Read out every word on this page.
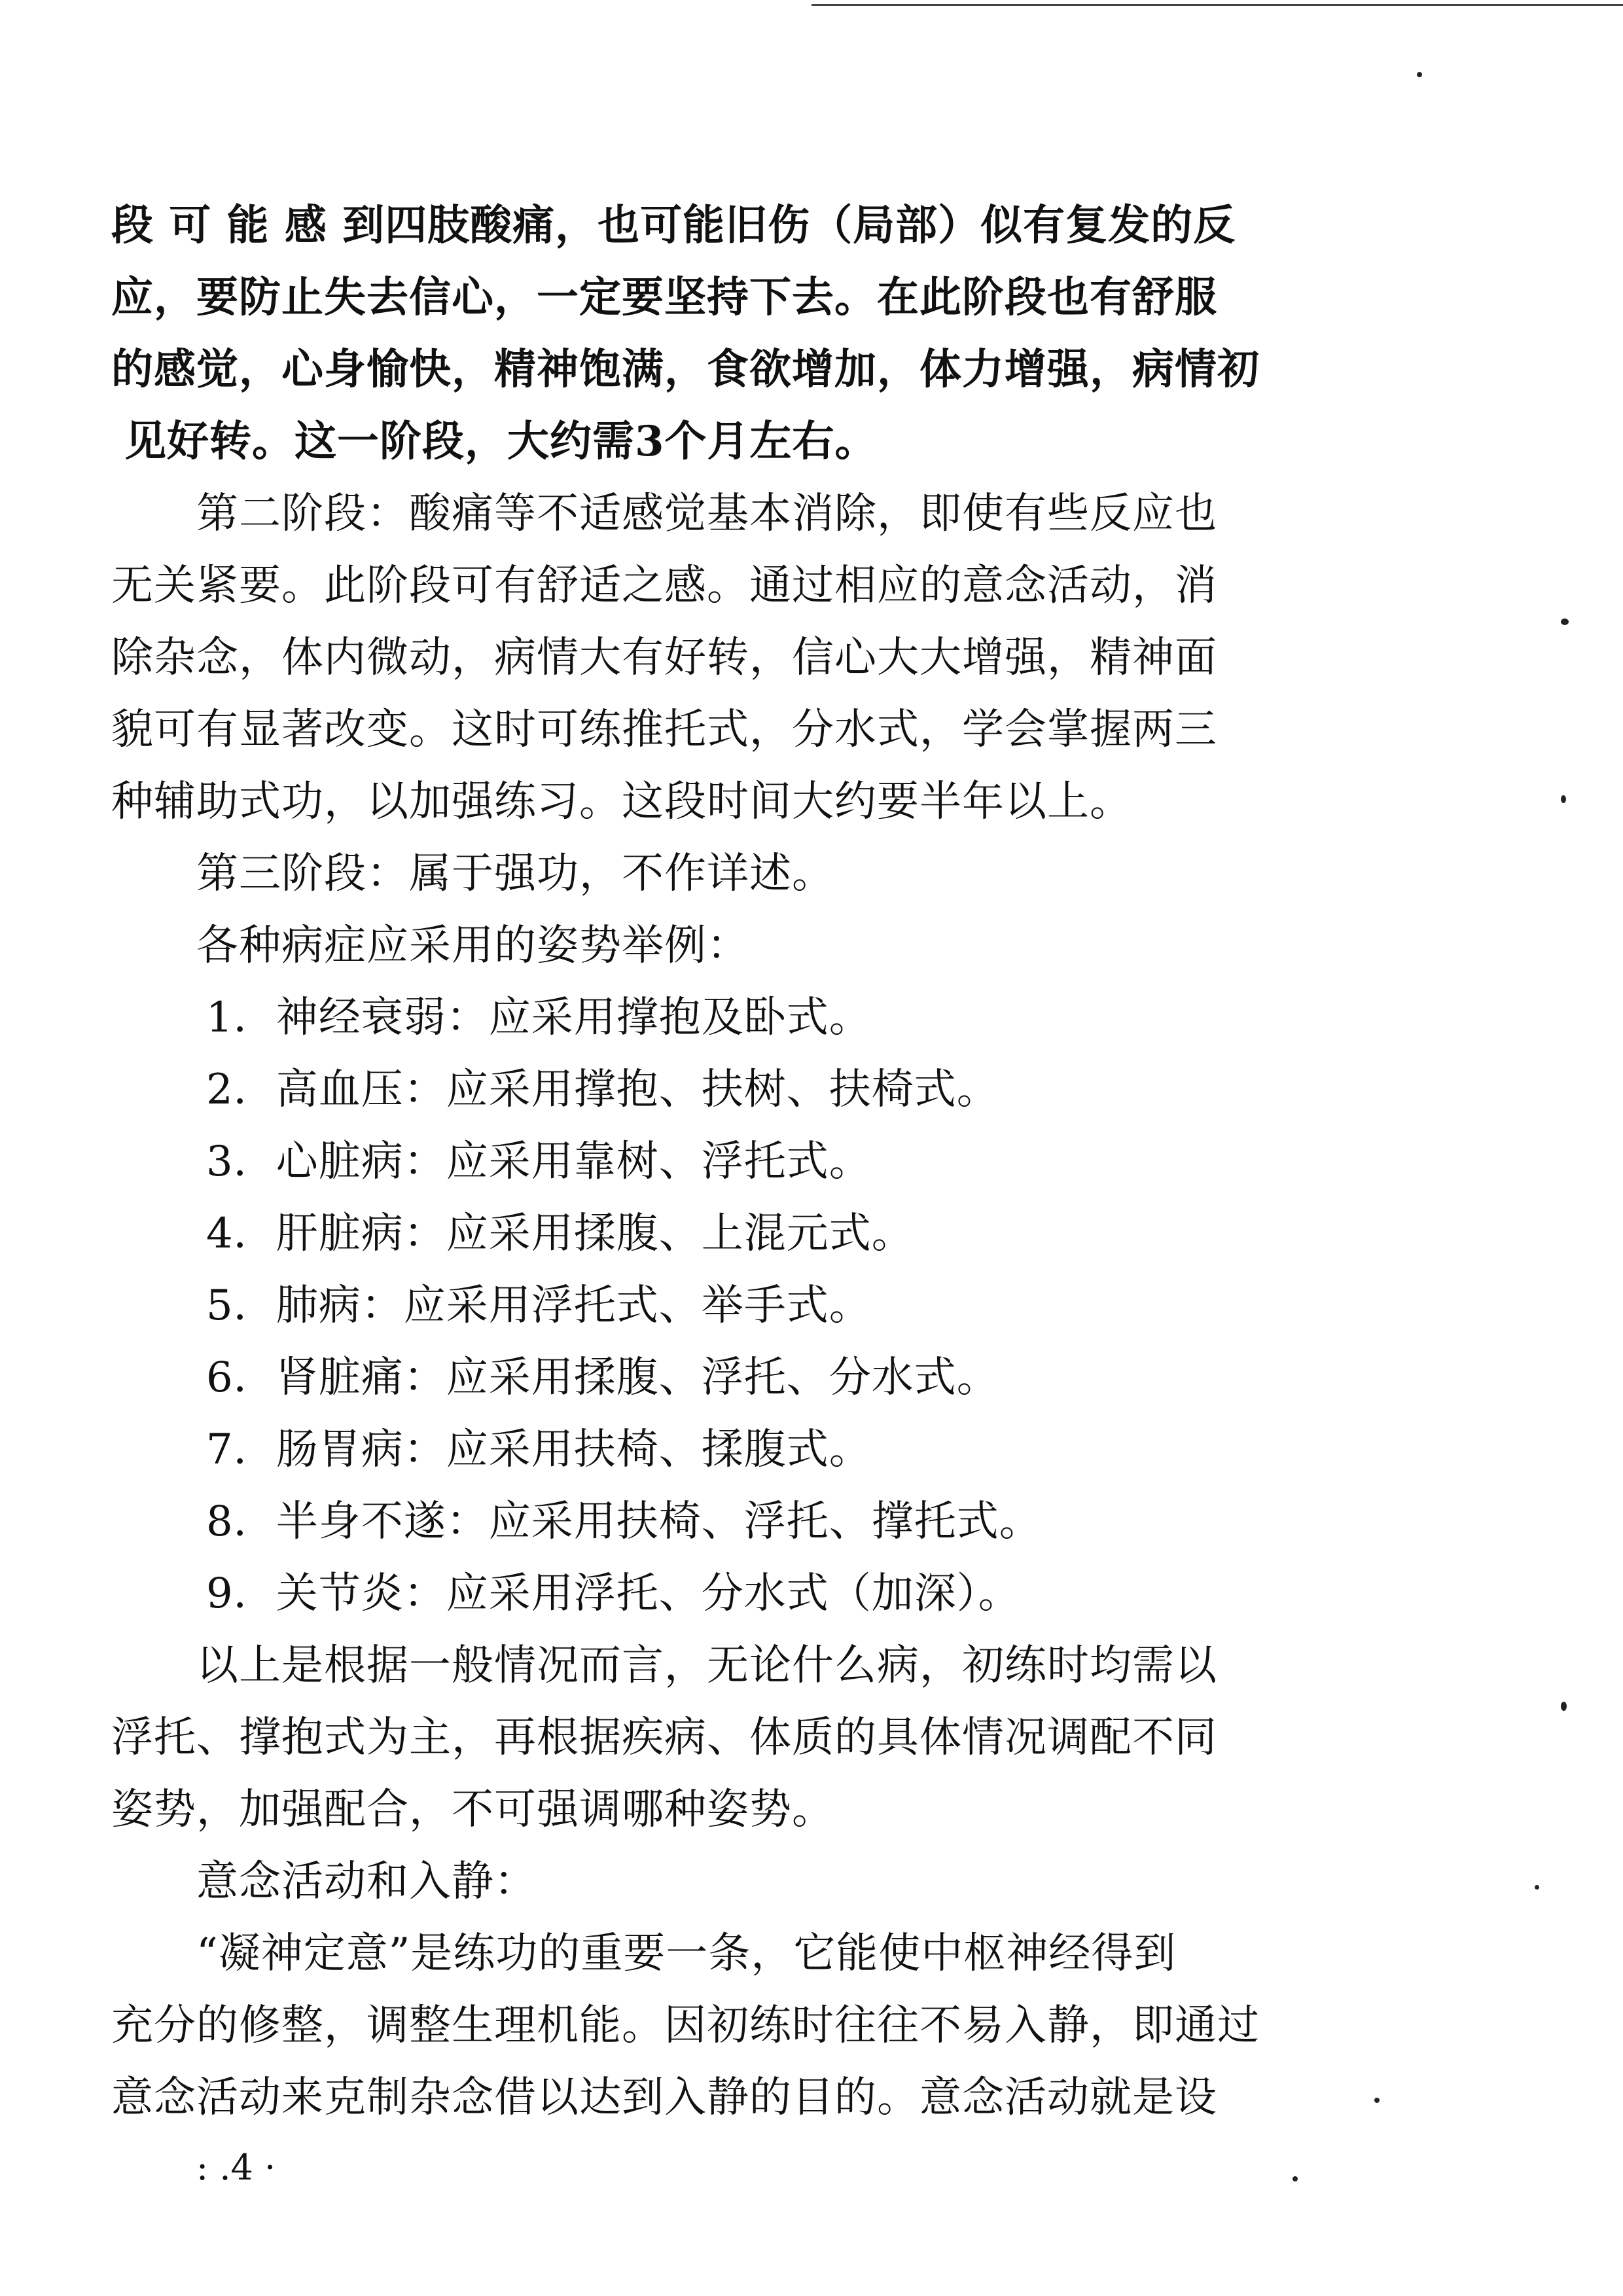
段 可 能 感 到四肢酸痛，也可能旧伤（局部）似有复发的反
应，要防止失去信心，一定要坚持下去。在此阶段也有舒服
的感觉，心身愉快，精神饱满，食欲增加，体力增强，病情初
见好转。这一阶段，大约需3个月左右。
第二阶段：酸痛等不适感觉基本消除，即使有些反应也
无关紧要。此阶段可有舒适之感。通过相应的意念活动，消
除杂念，体内微动，病情大有好转，信心大大增强，精神面
貌可有显著改变。这时可练推托式，分水式，学会掌握两三
种辅助式功，以加强练习。这段时间大约要半年以上。
第三阶段：属于强功，不作详述。
各种病症应采用的姿势举例：
1．神经衰弱：应采用撑抱及卧式。
2．高血压：应采用撑抱、扶树、扶椅式。
3．心脏病：应采用靠树、浮托式。
4．肝脏病：应采用揉腹、上混元式。
5．肺病：应采用浮托式、举手式。
6．肾脏痛：应采用揉腹、浮托、分水式。
7．肠胃病：应采用扶椅、揉腹式。
8．半身不遂：应采用扶椅、浮托、撑托式。
9．关节炎：应采用浮托、分水式（加深）。
以上是根据一般情况而言，无论什么病，初练时均需以
浮托、撑抱式为主，再根据疾病、体质的具体情况调配不同
姿势，加强配合，不可强调哪种姿势。
意念活动和入静：
“凝神定意”是练功的重要一条，它能使中枢神经得到
充分的修整，调整生理机能。因初练时往往不易入静，即通过
意念活动来克制杂念借以达到入静的目的。意念活动就是设
: .4 ·
